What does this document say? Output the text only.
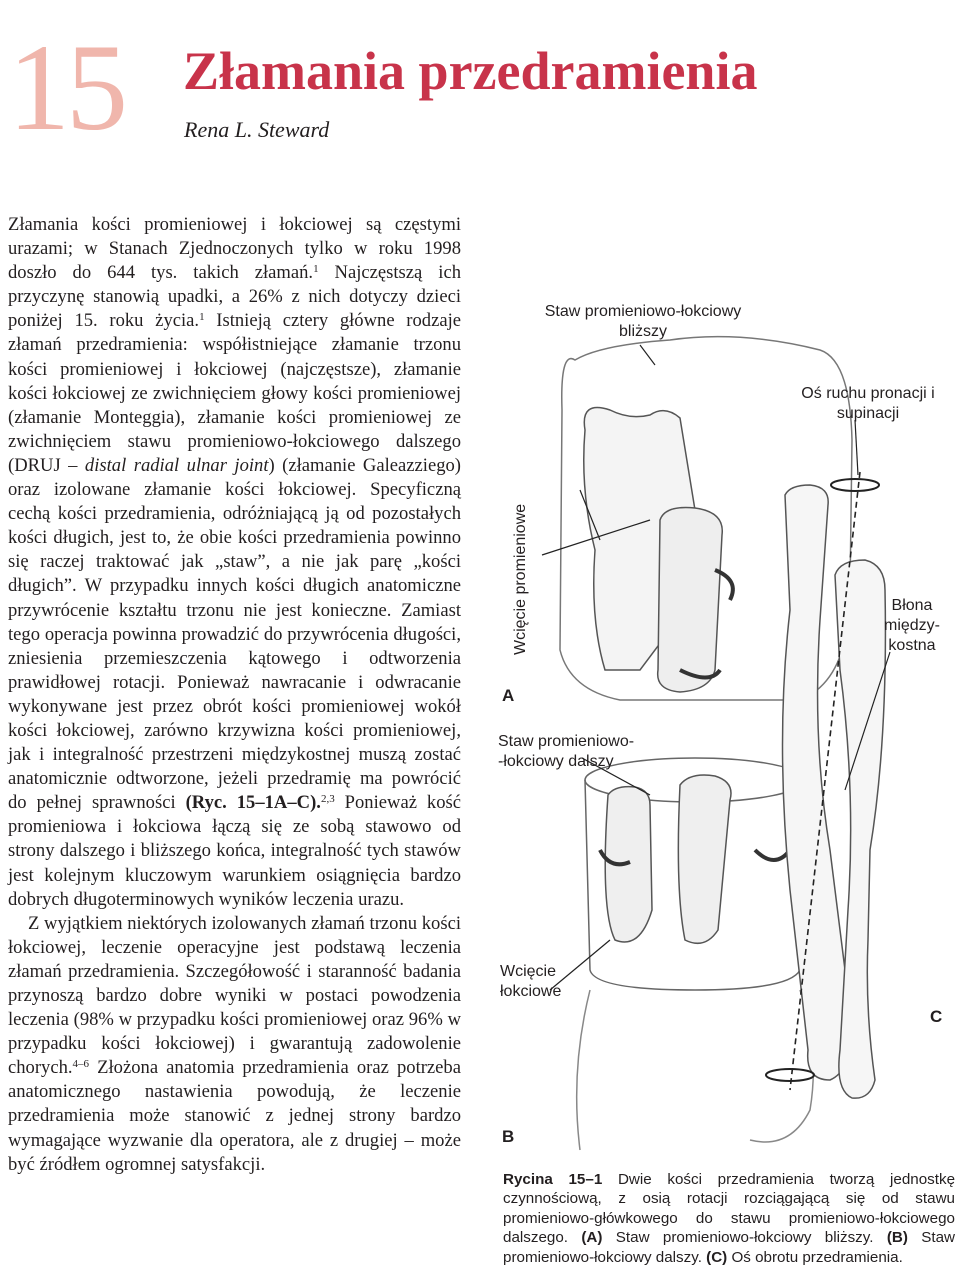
15 Złamania przedramienia
Rena L. Steward

Złamania kości promieniowej i łokciowej są częstymi urazami; w Stanach Zjednoczonych tylko w roku 1998 doszło do 644 tys. takich złamań.$^1$ Najczęstszą ich przyczynę stanowią upadki, a 26% z nich dotyczy dzieci poniżej 15. roku życia.$^1$ Istnieją cztery główne rodzaje złamań przedramienia: współistniejące złamanie trzonu kości promieniowej i łokciowej (najczęstsze), złamanie kości łokciowej ze zwichnięciem głowy kości promieniowej (złamanie Monteggia), złamanie kości promieniowej ze zwichnięciem stawu promieniowo-łokciowego dalszego (DRUJ – distal radial ulnar joint) (złamanie Galeazziego) oraz izolowane złamanie kości łokciowej. Specyficzną cechą kości przedramienia, odróżniającą ją od pozostałych kości długich, jest to, że obie kości przedramienia powinno się raczej traktować jak „staw”, a nie jak parę „kości długich”. W przypadku innych kości długich anatomiczne przywrócenie kształtu trzonu nie jest konieczne. Zamiast tego operacja powinna prowadzić do przywrócenia długości, zniesienia przemieszczenia kątowego i odtworzenia prawidłowej rotacji. Ponieważ nawracanie i odwracanie wykonywane jest przez obrót kości promieniowej wokół kości łokciowej, zarówno krzywizna kości promieniowej, jak i integralność przestrzeni międzykostnej muszą zostać anatomicznie odtworzone, jeżeli przedramię ma powrócić do pełnej sprawności (Ryc. 15–1A–C).$^{2,3}$ Ponieważ kość promieniowa i łokciowa łączą się ze sobą stawowo od strony dalszego i bliższego końca, integralność tych stawów jest kolejnym kluczowym warunkiem osiągnięcia bardzo dobrych długoterminowych wyników leczenia urazu.

Z wyjątkiem niektórych izolowanych złamań trzonu kości łokciowej, leczenie operacyjne jest podstawą leczenia złamań przedramienia. Szczegółowość i staranność badania przynoszą bardzo dobre wyniki w postaci powodzenia leczenia (98% w przypadku kości promieniowej oraz 96% w przypadku kości łokciowej) i gwarantują zadowolenie chorych.$^{4-6}$ Złożona anatomia przedramienia oraz potrzeba anatomicznego nastawienia powodują, że leczenie przedramienia może stanowić z jednej strony bardzo wymagające wyzwanie dla operatora, ale z drugiej – może być źródłem ogromnej satysfakcji.

Staw promieniowo-łokciowy bliższy
Oś ruchu pronacji i supinacji
Wcięcie promieniowe	Błona między- kostna
Staw promieniowo- -łokciowy dalszy
Wcięcie łokciowe
A
B
C
Rycina 15–1 Dwie kości przedramienia tworzą jednostkę czynnościową, z osią rotacji rozciągającą się od stawu promieniowo-główkowego do stawu promieniowo-łokciowego dalszego. (A) Staw promieniowo-łokciowy bliższy. (B) Staw promieniowo-łokciowy dalszy. (C) Oś obrotu przedramienia.
